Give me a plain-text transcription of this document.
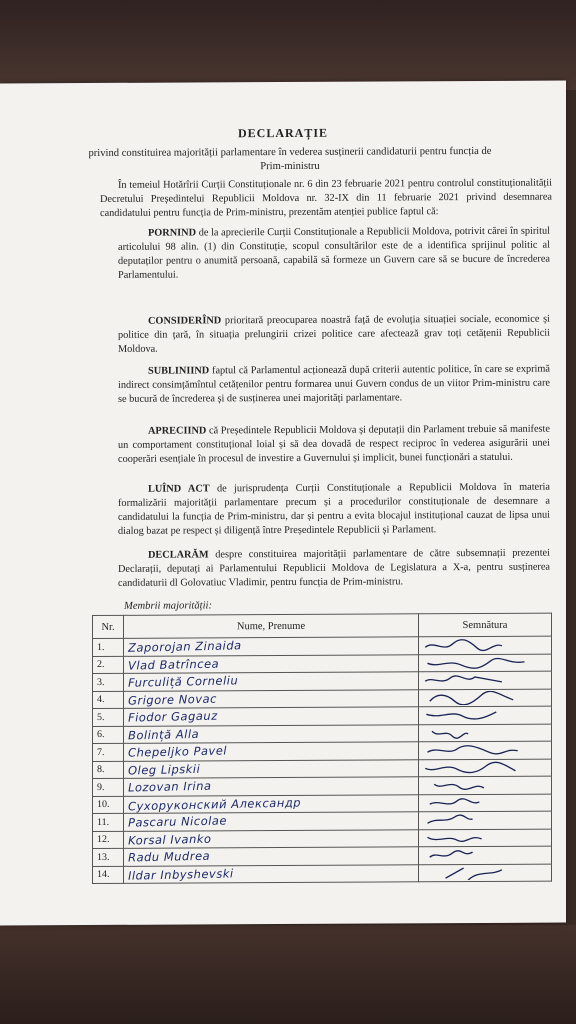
DECLARAȚIE
privind constituirea majorității parlamentare în vederea susținerii candidaturii pentru funcția de Prim-ministru

În temeiul Hotărîrii Curții Constituționale nr. 6 din 23 februarie 2021 pentru controlul constituționalității Decretului Președintelui Republicii Moldova nr. 32-IX din 11 februarie 2021 privind desemnarea candidatului pentru funcția de Prim-ministru, prezentăm atenției publice faptul că:

PORNIND de la aprecierile Curții Constituționale a Republicii Moldova, potrivit cărei în spiritul articolului 98 alin. (1) din Constituție, scopul consultărilor este de a identifica sprijinul politic al deputaților pentru o anumită persoană, capabilă să formeze un Guvern care să se bucure de încrederea Parlamentului.

CONSIDERÎND prioritară preocuparea noastră față de evoluția situației sociale, economice și politice din țară, în situația prelungirii crizei politice care afectează grav toți cetățenii Republicii Moldova.

SUBLINIIND faptul că Parlamentul acționează după criterii autentic politice, în care se exprimă indirect consimțămîntul cetățenilor pentru formarea unui Guvern condus de un viitor Prim-ministru care se bucură de încrederea și de susținerea unei majorități parlamentare.

APRECIIND că Președintele Republicii Moldova și deputații din Parlament trebuie să manifeste un comportament constituțional loial și să dea dovadă de respect reciproc în vederea asigurării unei cooperări esențiale în procesul de investire a Guvernului și implicit, bunei funcționări a statului.

LUÎND ACT de jurisprudența Curții Constituționale a Republicii Moldova în materia formalizării majorității parlamentare precum și a procedurilor constituționale de desemnare a candidatului la funcția de Prim-ministru, dar și pentru a evita blocajul instituțional cauzat de lipsa unui dialog bazat pe respect și diligență între Președintele Republicii și Parlament.

DECLARĂM despre constituirea majorității parlamentare de către subsemnații prezentei Declarații, deputați ai Parlamentului Republicii Moldova de Legislatura a X-a, pentru susținerea candidaturii dl Golovatiuc Vladimir, pentru funcția de Prim-ministru.

Membrii majorității:
Nr.	Nume, Prenume	Semnătura
1.	Zaporojan Zinaida	

2.	Vlad Batrîncea	

3.	Furculiță Corneliu	

4.	Grigore Novac	

5.	Fiodor Gagauz	

6.	Bolință Alla	

7.	Chepeljko Pavel	

8.	Oleg Lipskii	

9.	Lozovan Irina	

10.	Сухоруконский Александр	

11.	Pascaru Nicolae	

12.	Korsal Ivanko	

13.	Radu Mudrea	

14.	Ildar Inbyshevski	
